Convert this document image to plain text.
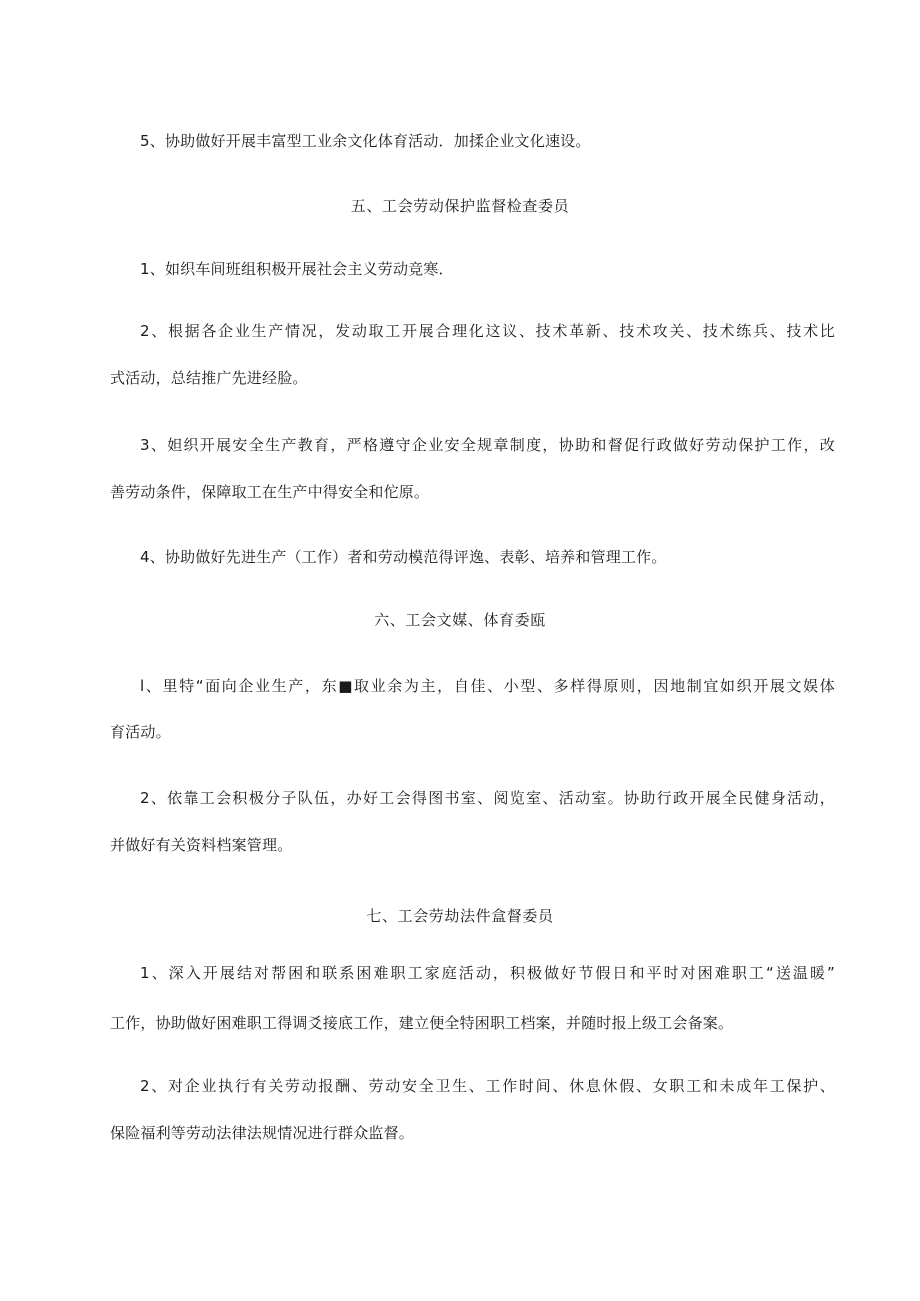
5、协助做好开展丰富型工业余文化体育活动．加揉企业文化速设。
五、工会劳动保护监督检查委员
1、如织车间班组积极开展社会主义劳动竞寒．
2、根据各企业生产情况，发动取工开展合理化这议、技术革新、技术攻关、技术练兵、技术比
式活动，总结推广先进经脸。
3、妲织开展安全生产教育，严格遵守企业安全规章制度，协助和督促行政做好劳动保护工作，改
善劳动条件，保障取工在生产中得安全和佗原。
4、协助做好先进生产（工作）者和劳动模范得评逸、表彰、培养和管理工作。
六、工会文媒、体育委瓯
l、里特“面向企业生产，东■取业余为主，自佳、小型、多样得原则，因地制宜如织开展文娱体
育活动。
2、依靠工会积极分子队伍，办好工会得图书室、阅览室、活动室。协助行政开展全民健身活动，
并做好有关资料档案管理。
七、工会劳劫法件盒督委员
1、深入开展结对帮困和联系困难职工家庭活动，积极做好节假日和平时对困难职工“送温暖”
工作，协助做好困难职工得调爻接底工作，建立便全特困职工档案，并随时报上级工会备案。
2、对企业执行有关劳动报酬、劳动安全卫生、工作时间、休息休假、女职工和未成年工保护、
保险福利等劳动法律法规情况进行群众监督。
